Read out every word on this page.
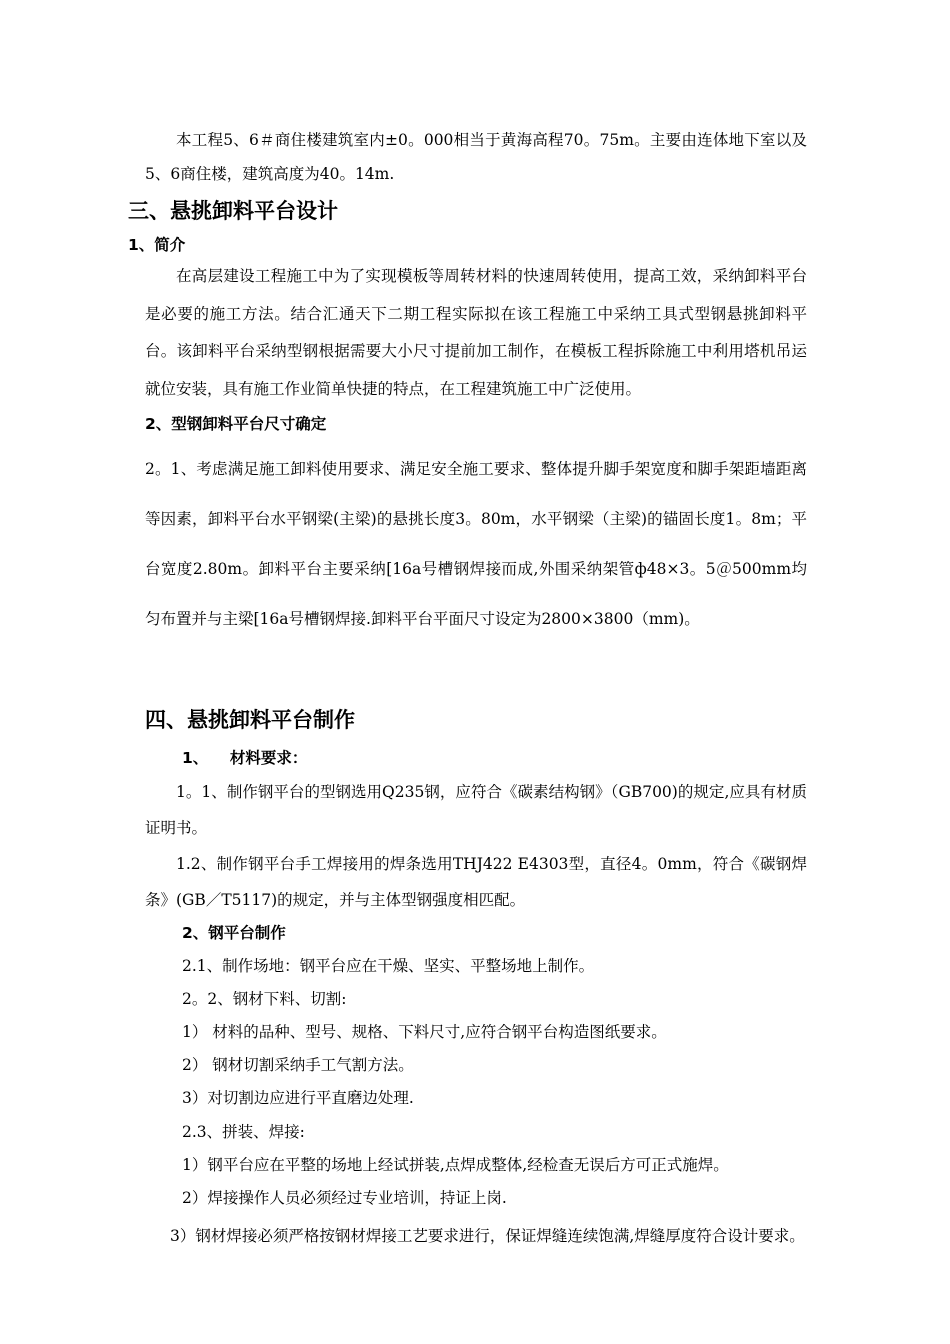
本工程5、6＃商住楼建筑室内±0。000相当于黄海高程70。75m。主要由连体地下室以及5、6商住楼，建筑高度为40。14m.

三、悬挑卸料平台设计
1、简介

在高层建设工程施工中为了实现模板等周转材料的快速周转使用，提高工效，采纳卸料平台是必要的施工方法。结合汇通天下二期工程实际拟在该工程施工中采纳工具式型钢悬挑卸料平台。该卸料平台采纳型钢根据需要大小尺寸提前加工制作，在模板工程拆除施工中利用塔机吊运就位安装，具有施工作业简单快捷的特点，在工程建筑施工中广泛使用。

2、型钢卸料平台尺寸确定

2。1、考虑满足施工卸料使用要求、满足安全施工要求、整体提升脚手架宽度和脚手架距墙距离等因素，卸料平台水平钢梁(主梁)的悬挑长度3。80m，水平钢梁（主梁)的锚固长度1。8m；平台宽度2.80m。卸料平台主要采纳[16a号槽钢焊接而成,外围采纳架管ф48×3。5＠500mm均匀布置并与主梁[16a号槽钢焊接.卸料平台平面尺寸设定为2800×3800（mm)。

四、悬挑卸料平台制作
1、    材料要求：

1。1、制作钢平台的型钢选用Q235钢，应符合《碳素结构钢》（GB700)的规定,应具有材质证明书。

1.2、制作钢平台手工焊接用的焊条选用THJ422 E4303型，直径4。0mm，符合《碳钢焊条》(GB／T5117)的规定，并与主体型钢强度相匹配。

2、钢平台制作

2.1、制作场地：钢平台应在干燥、坚实、平整场地上制作。

2。2、钢材下料、切割:

1） 材料的品种、型号、规格、下料尺寸,应符合钢平台构造图纸要求。

2） 钢材切割采纳手工气割方法。

3）对切割边应进行平直磨边处理.

2.3、拼装、焊接:

1）钢平台应在平整的场地上经试拼装,点焊成整体,经检查无误后方可正式施焊。

2）焊接操作人员必须经过专业培训，持证上岗.

3）钢材焊接必须严格按钢材焊接工艺要求进行，保证焊缝连续饱满,焊缝厚度符合设计要求。
